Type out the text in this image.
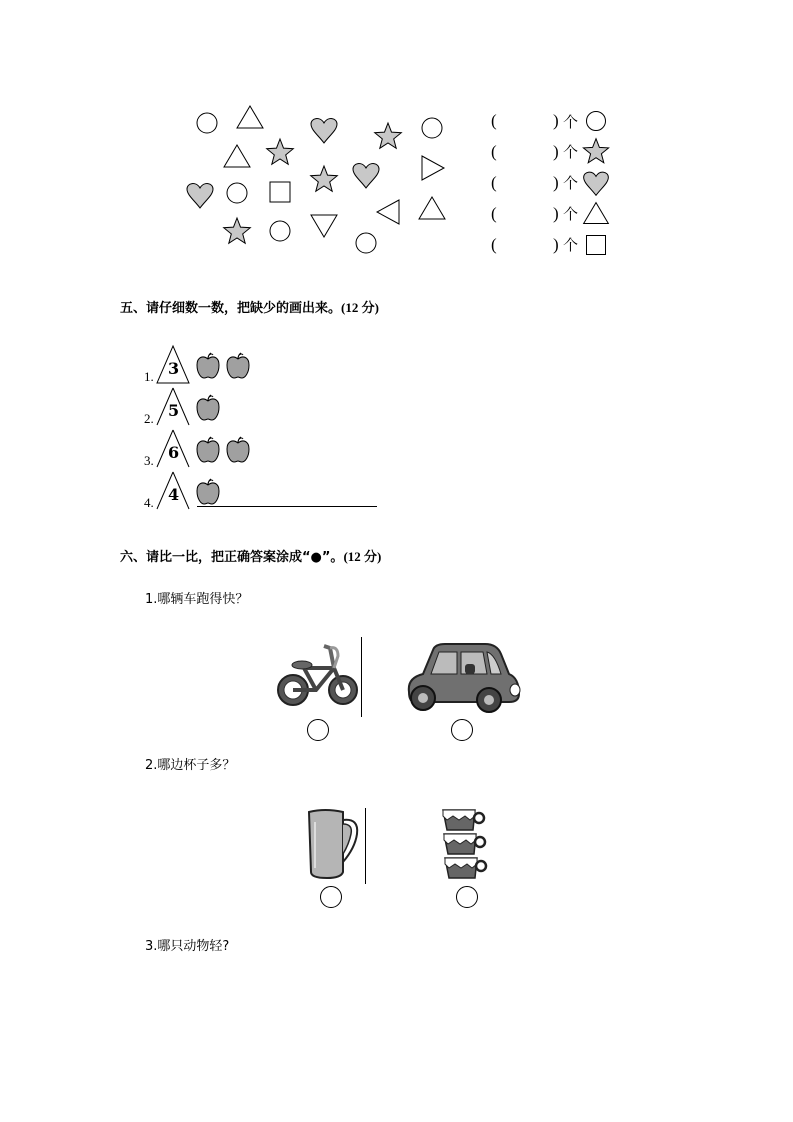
(	) 个
(	) 个
(	) 个
(	) 个
(	) 个
五、请仔细数一数，把缺少的画出来。(12 分)
1. 3
2. 5
3. 6
4. 4
六、请比一比，把正确答案涂成“●”。(12 分)
1.哪辆车跑得快？
2.哪边杯子多？
3.哪只动物轻?
